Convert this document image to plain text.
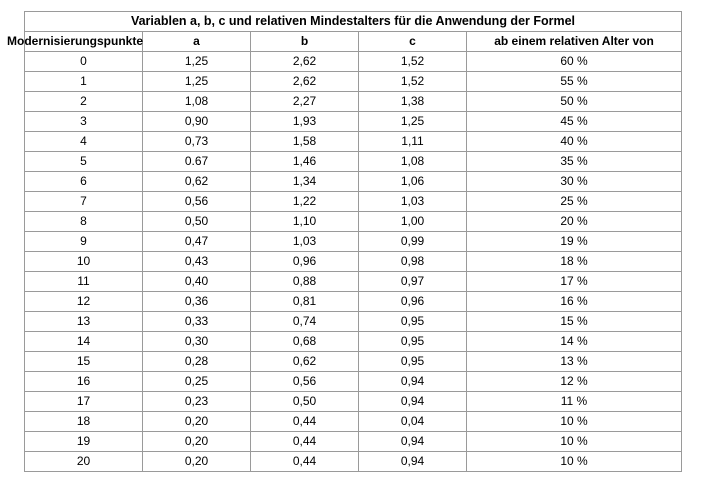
Variablen a, b, c und relativen Mindestalters für die Anwendung der Formel				
Modernisierungspunkte	a	b	c	ab einem relativen Alter von
0	1,25	2,62	1,52	60 %
1	1,25	2,62	1,52	55 %
2	1,08	2,27	1,38	50 %
3	0,90	1,93	1,25	45 %
4	0,73	1,58	1,11	40 %
5	0.67	1,46	1,08	35 %
6	0,62	1,34	1,06	30 %
7	0,56	1,22	1,03	25 %
8	0,50	1,10	1,00	20 %
9	0,47	1,03	0,99	19 %
10	0,43	0,96	0,98	18 %
11	0,40	0,88	0,97	17 %
12	0,36	0,81	0,96	16 %
13	0,33	0,74	0,95	15 %
14	0,30	0,68	0,95	14 %
15	0,28	0,62	0,95	13 %
16	0,25	0,56	0,94	12 %
17	0,23	0,50	0,94	11 %
18	0,20	0,44	0,04	10 %
19	0,20	0,44	0,94	10 %
20	0,20	0,44	0,94	10 %
